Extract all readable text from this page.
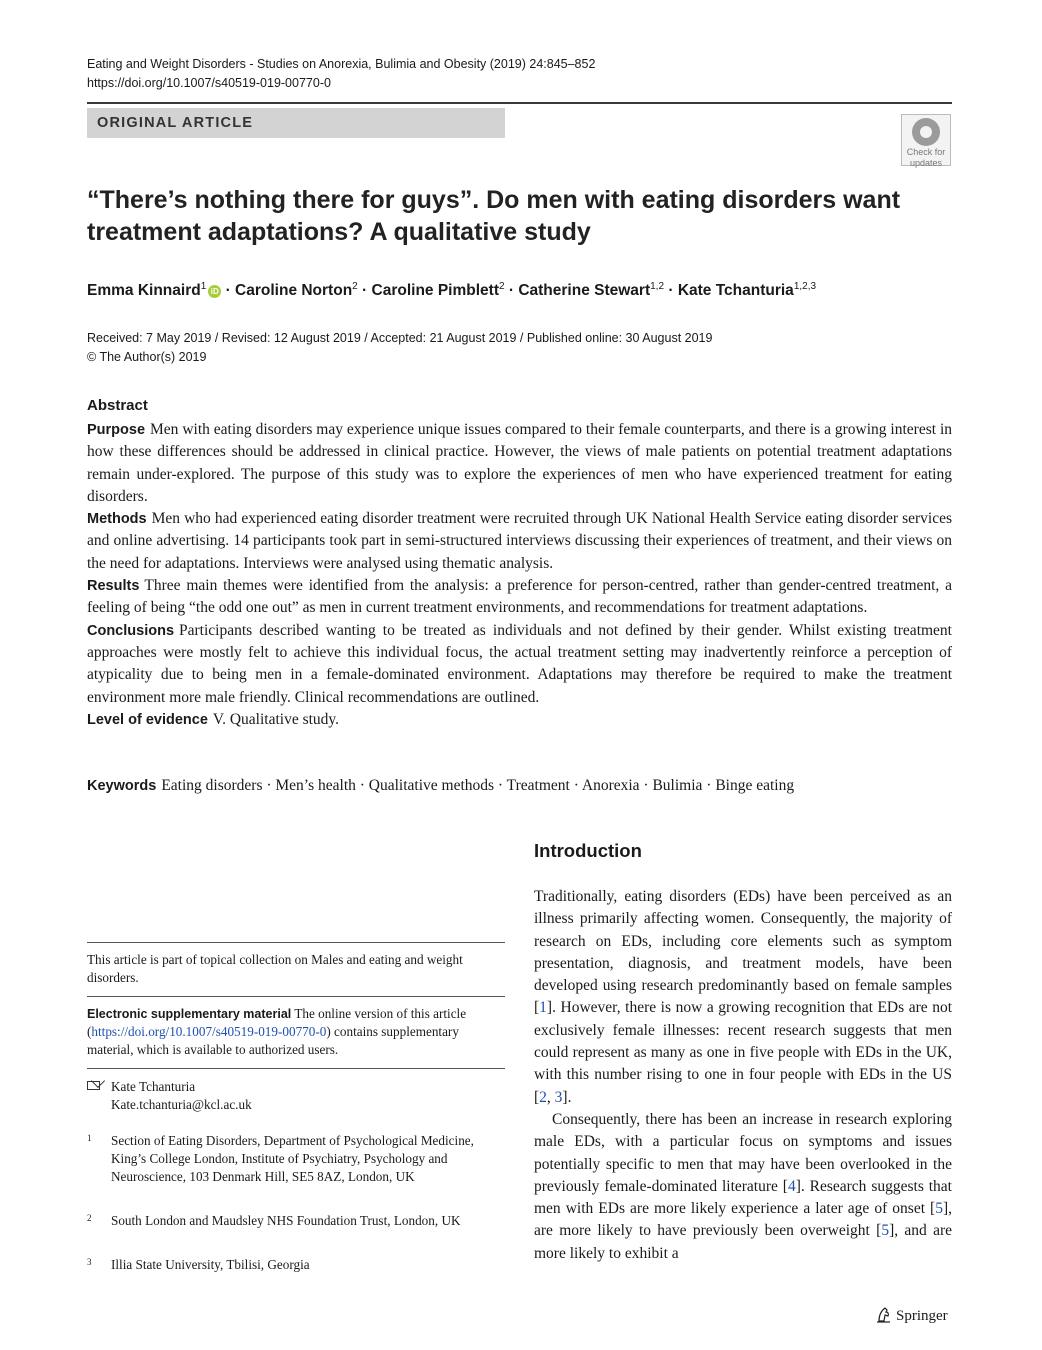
Eating and Weight Disorders - Studies on Anorexia, Bulimia and Obesity (2019) 24:845–852
https://doi.org/10.1007/s40519-019-00770-0
ORIGINAL ARTICLE
Check for
updates
“There’s nothing there for guys”. Do men with eating disorders want treatment adaptations? A qualitative study
Emma Kinnaird$^1$ iD · Caroline Norton$^2$ · Caroline Pimblett$^2$ · Catherine Stewart$^{1,2}$ · Kate Tchanturia$^{1,2,3}$
Received: 7 May 2019 / Revised: 12 August 2019 / Accepted: 21 August 2019 / Published online: 30 August 2019
© The Author(s) 2019
Abstract

Purpose Men with eating disorders may experience unique issues compared to their female counterparts, and there is a growing interest in how these differences should be addressed in clinical practice. However, the views of male patients on potential treatment adaptations remain under-explored. The purpose of this study was to explore the experiences of men who have experienced treatment for eating disorders.

Methods Men who had experienced eating disorder treatment were recruited through UK National Health Service eating disorder services and online advertising. 14 participants took part in semi-structured interviews discussing their experiences of treatment, and their views on the need for adaptations. Interviews were analysed using thematic analysis.

Results Three main themes were identified from the analysis: a preference for person-centred, rather than gender-centred treatment, a feeling of being “the odd one out” as men in current treatment environments, and recommendations for treatment adaptations.

Conclusions Participants described wanting to be treated as individuals and not defined by their gender. Whilst existing treatment approaches were mostly felt to achieve this individual focus, the actual treatment setting may inadvertently reinforce a perception of atypicality due to being men in a female-dominated environment. Adaptations may therefore be required to make the treatment environment more male friendly. Clinical recommendations are outlined.

Level of evidence V. Qualitative study.

Keywords Eating disorders · Men’s health · Qualitative methods · Treatment · Anorexia · Bulimia · Binge eating
Introduction

Traditionally, eating disorders (EDs) have been perceived as an illness primarily affecting women. Consequently, the majority of research on EDs, including core elements such as symptom presentation, diagnosis, and treatment models, have been developed using research predominantly based on female samples [1]. However, there is now a growing recognition that EDs are not exclusively female illnesses: recent research suggests that men could represent as many as one in five people with EDs in the UK, with this number rising to one in four people with EDs in the US [2, 3].

Consequently, there has been an increase in research exploring male EDs, with a particular focus on symptoms and issues potentially specific to men that may have been overlooked in the previously female-dominated literature [4]. Research suggests that men with EDs are more likely experience a later age of onset [5], are more likely to have previously been overweight [5], and are more likely to exhibit a

This article is part of topical collection on Males and eating and weight disorders.
Electronic supplementary material The online version of this article (https://doi.org/10.1007/s40519-019-00770-0) contains supplementary material, which is available to authorized users.
Kate Tchanturia
Kate.tchanturia@kcl.ac.uk
1 Section of Eating Disorders, Department of Psychological Medicine, King’s College London, Institute of Psychiatry, Psychology and Neuroscience, 103 Denmark Hill, SE5 8AZ, London, UK
2 South London and Maudsley NHS Foundation Trust, London, UK
3 Illia State University, Tbilisi, Georgia
Springer
